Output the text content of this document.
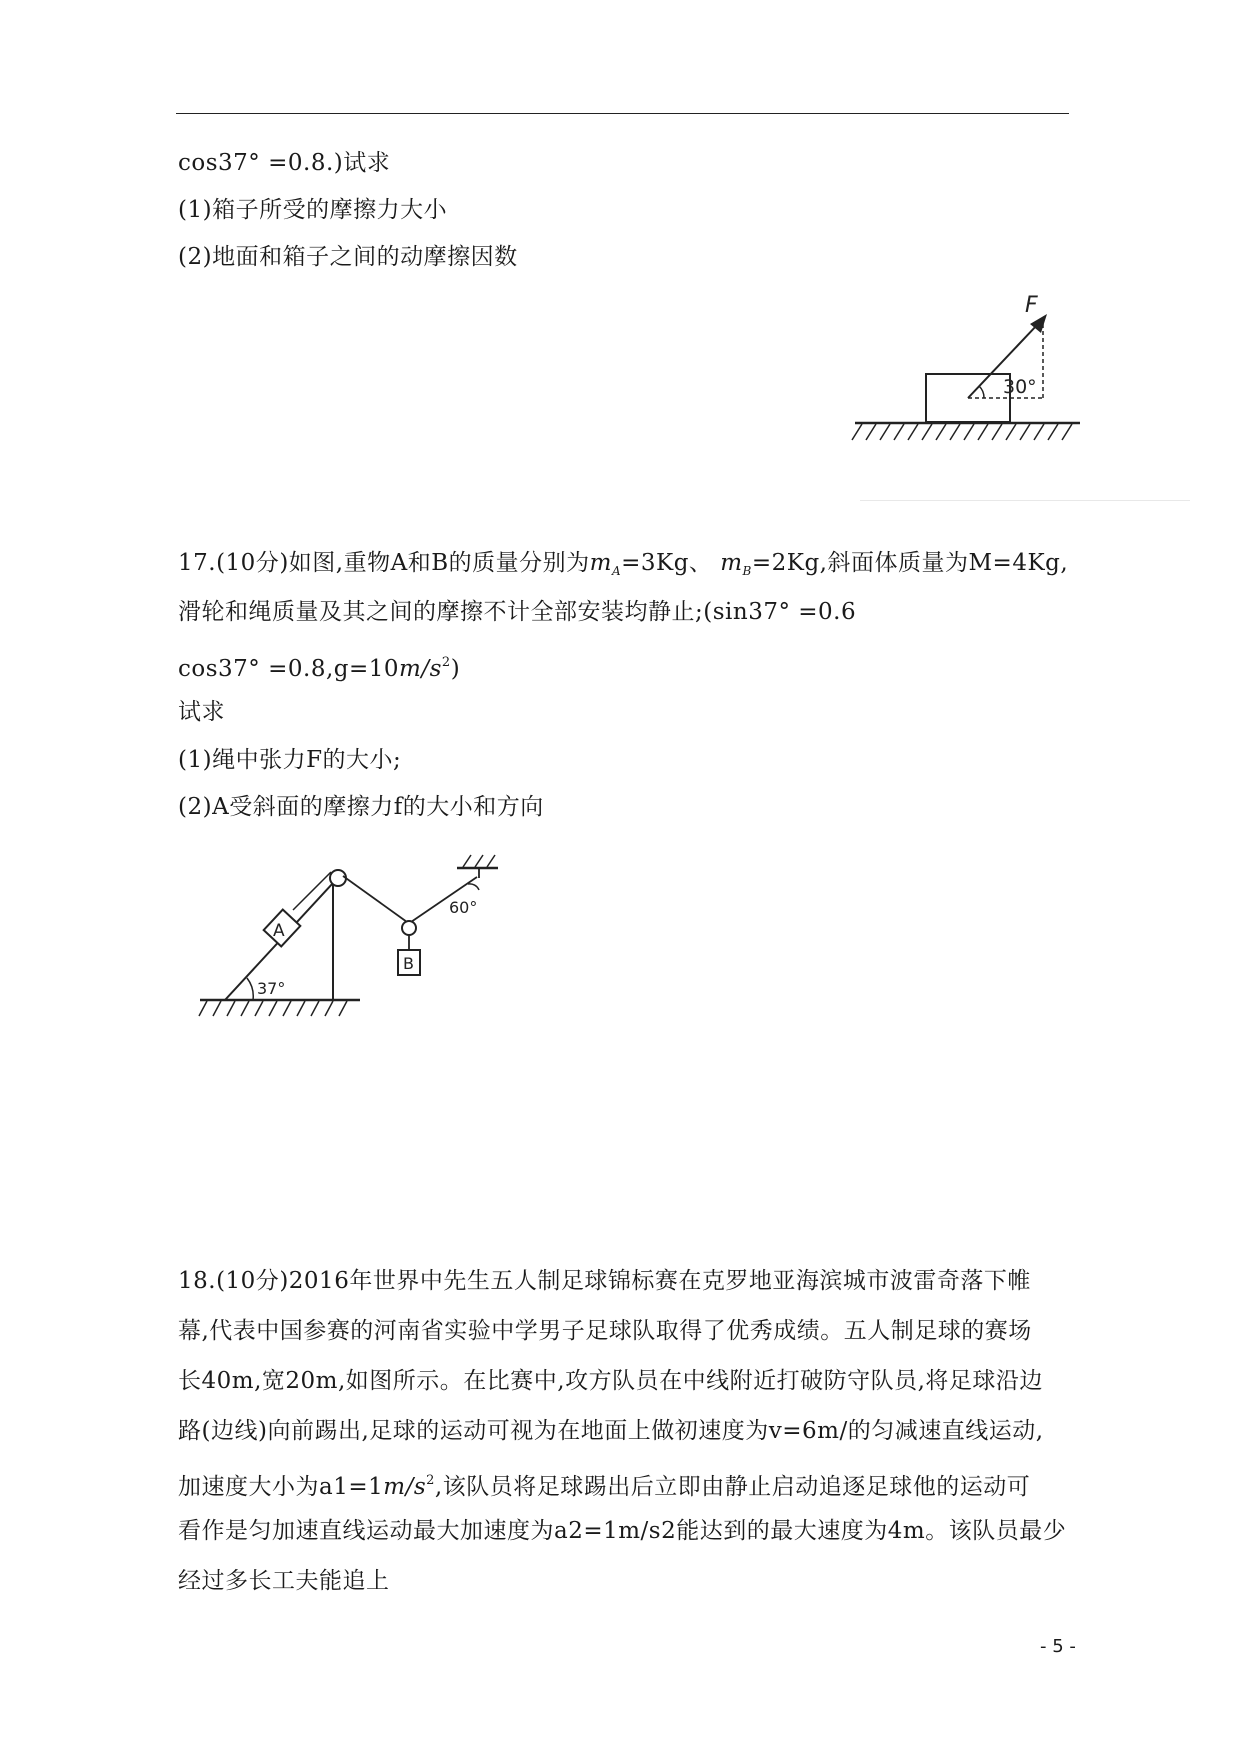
cos37° =0.8.)试求
(1)箱子所受的摩擦力大小
(2)地面和箱子之间的动摩擦因数
F
30°
17.(10分)如图,重物A和B的质量分别为$m_A=3Kg$、 $m_B=2Kg$,斜面体质量为M=4Kg,
滑轮和绳质量及其之间的摩擦不计全部安装均静止;(sin37° =0.6
$\cos 37^\circ =0.8,g=10m/s^2$)
试求
(1)绳中张力F的大小;
(2)A受斜面的摩擦力f的大小和方向
A
B
60°
37°
18.(10分)2016年世界中先生五人制足球锦标赛在克罗地亚海滨城市波雷奇落下帷
幕,代表中国参赛的河南省实验中学男子足球队取得了优秀成绩。五人制足球的赛场
长40m,宽20m,如图所示。在比赛中,攻方队员在中线附近打破防守队员,将足球沿边
路(边线)向前踢出,足球的运动可视为在地面上做初速度为v=6m/的匀减速直线运动,
加速度大小为$a1=1m/s^2$,该队员将足球踢出后立即由静止启动追逐足球他的运动可
看作是匀加速直线运动最大加速度为a2=1m/s2能达到的最大速度为4m。该队员最少
经过多长工夫能追上
- 5 -
